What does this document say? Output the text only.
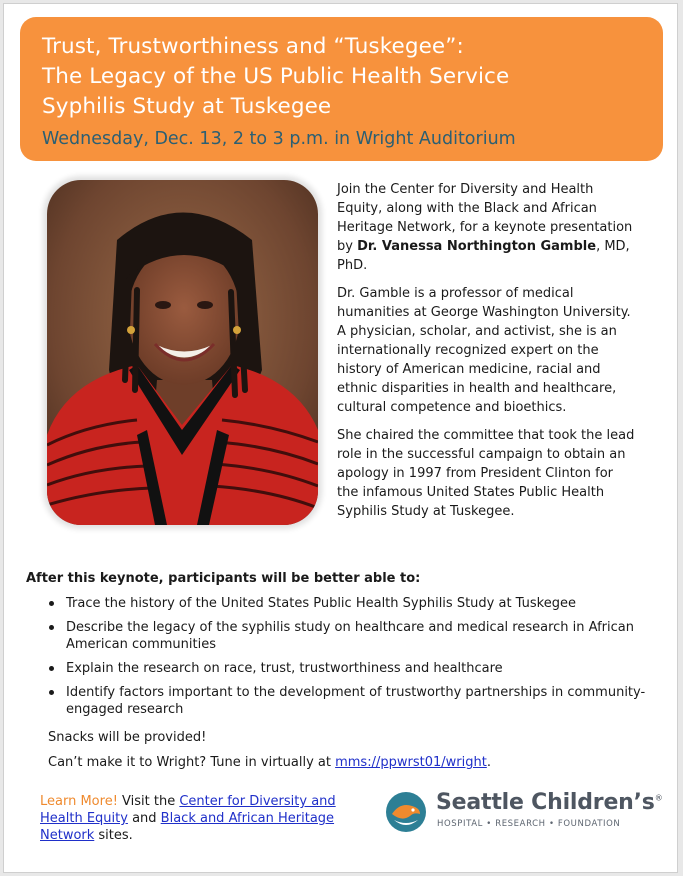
Trust, Trustworthiness and “Tuskegee”:
The Legacy of the US Public Health Service
Syphilis Study at Tuskegee
Wednesday, Dec. 13, 2 to 3 p.m. in Wright Auditorium

Join the Center for Diversity and Health Equity, along with the Black and African Heritage Network, for a keynote presentation by Dr. Vanessa Northington Gamble, MD, PhD.

Dr. Gamble is a professor of medical humanities at George Washington University. A physician, scholar, and activist, she is an internationally recognized expert on the history of American medicine, racial and ethnic disparities in health and healthcare, cultural competence and bioethics.

She chaired the committee that took the lead role in the successful campaign to obtain an apology in 1997 from President Clinton for the infamous United States Public Health Syphilis Study at Tuskegee.

After this keynote, participants will be better able to:
Trace the history of the United States Public Health Syphilis Study at Tuskegee
Describe the legacy of the syphilis study on healthcare and medical research in African American communities
Explain the research on race, trust, trustworthiness and healthcare
Identify factors important to the development of trustworthy partnerships in community-engaged research
Snacks will be provided!
Can’t make it to Wright? Tune in virtually at mms://ppwrst01/wright.
Learn More! Visit the Center for Diversity and Health Equity and Black and African Heritage Network sites.
Seattle Children’s®
HOSPITAL • RESEARCH • FOUNDATION
